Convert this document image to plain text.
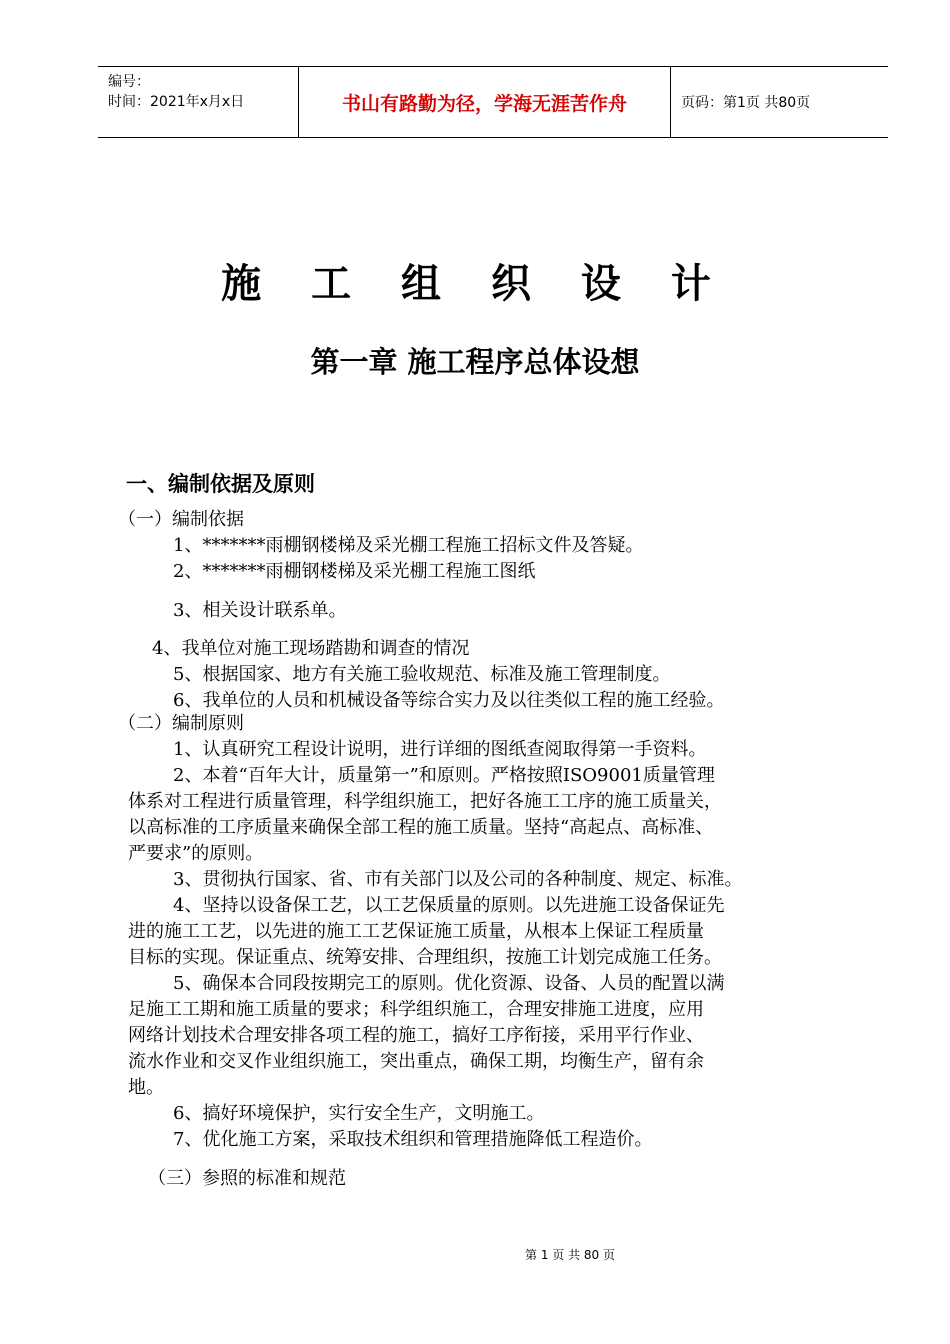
编号：
时间：2021年x月x日	书山有路勤为径，学海无涯苦作舟	页码：第1页 共80页
施 工 组 织 设 计
第一章 施工程序总体设想
一、编制依据及原则
（一）编制依据
1、*******雨棚钢楼梯及采光棚工程施工招标文件及答疑。
2、*******雨棚钢楼梯及采光棚工程施工图纸
3、相关设计联系单。
4、我单位对施工现场踏勘和调查的情况
5、根据国家、地方有关施工验收规范、标准及施工管理制度。
6、我单位的人员和机械设备等综合实力及以往类似工程的施工经验。
（二）编制原则
1、认真研究工程设计说明，进行详细的图纸查阅取得第一手资料。
2、本着“百年大计，质量第一”和原则。严格按照ISO9001质量管理
体系对工程进行质量管理，科学组织施工，把好各施工工序的施工质量关，
以高标准的工序质量来确保全部工程的施工质量。坚持“高起点、高标准、
严要求”的原则。
3、贯彻执行国家、省、市有关部门以及公司的各种制度、规定、标准。
4、坚持以设备保工艺，以工艺保质量的原则。以先进施工设备保证先
进的施工工艺，以先进的施工工艺保证施工质量，从根本上保证工程质量
目标的实现。保证重点、统筹安排、合理组织，按施工计划完成施工任务。
5、确保本合同段按期完工的原则。优化资源、设备、人员的配置以满
足施工工期和施工质量的要求；科学组织施工，合理安排施工进度，应用
网络计划技术合理安排各项工程的施工，搞好工序衔接，采用平行作业、
流水作业和交叉作业组织施工，突出重点，确保工期，均衡生产，留有余
地。
6、搞好环境保护，实行安全生产，文明施工。
7、优化施工方案，采取技术组织和管理措施降低工程造价。
（三）参照的标准和规范
第 1 页 共 80 页
